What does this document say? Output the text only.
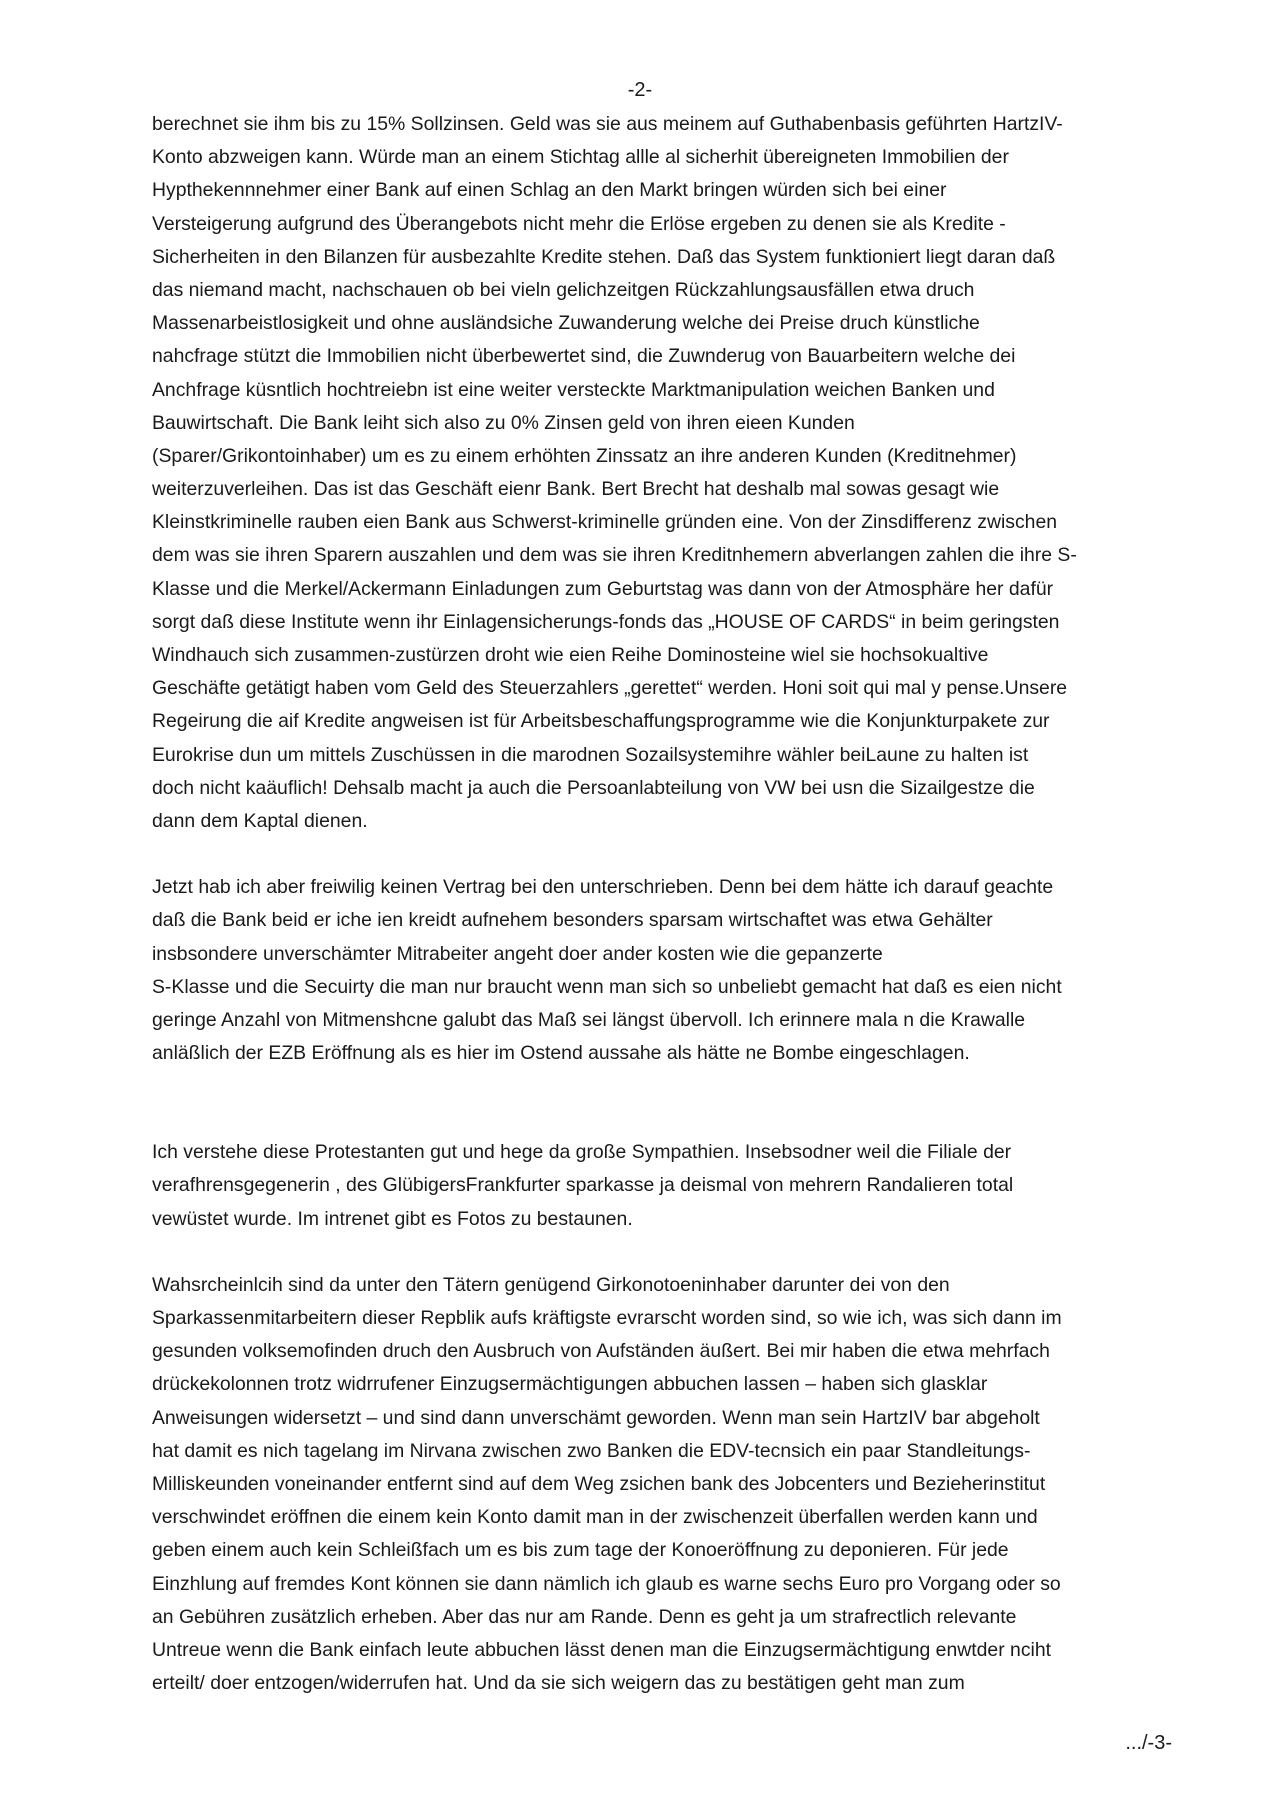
-2-
berechnet sie ihm bis zu 15% Sollzinsen. Geld was sie aus meinem auf Guthabenbasis geführten HartzIV-
Konto abzweigen kann. Würde man an einem Stichtag allle al sicherhit übereigneten Immobilien der
Hypthekennnehmer einer Bank auf einen Schlag an den Markt bringen würden sich bei einer
Versteigerung aufgrund des Überangebots nicht mehr die Erlöse ergeben zu denen sie als Kredite -
Sicherheiten in den Bilanzen für ausbezahlte Kredite stehen. Daß das System funktioniert liegt daran daß
das niemand macht, nachschauen ob bei vieln gelichzeitgen Rückzahlungsausfällen etwa druch
Massenarbeistlosigkeit und ohne ausländsiche Zuwanderung welche dei Preise druch künstliche
nahcfrage stützt die Immobilien nicht überbewertet sind, die Zuwnderug von Bauarbeitern welche dei
Anchfrage küsntlich hochtreiebn ist eine weiter versteckte Marktmanipulation weichen Banken und
Bauwirtschaft. Die Bank leiht sich also zu 0% Zinsen geld von ihren eieen Kunden
(Sparer/Grikontoinhaber) um es zu einem erhöhten Zinssatz an ihre anderen Kunden (Kreditnehmer)
weiterzuverleihen. Das ist das Geschäft eienr Bank. Bert Brecht hat deshalb mal sowas gesagt wie
Kleinstkriminelle rauben eien Bank aus Schwerst-kriminelle gründen eine. Von der Zinsdifferenz zwischen
dem was sie ihren Sparern auszahlen und dem was sie ihren Kreditnhemern abverlangen zahlen die ihre S-
Klasse und die Merkel/Ackermann Einladungen zum Geburtstag was dann von der Atmosphäre her dafür
sorgt daß diese Institute wenn ihr Einlagensicherungs-fonds das „HOUSE OF CARDS“ in beim geringsten
Windhauch sich zusammen-zustürzen droht wie eien Reihe Dominosteine wiel sie hochsokualtive
Geschäfte getätigt haben vom Geld des Steuerzahlers „gerettet“ werden. Honi soit qui mal y pense.Unsere
Regeirung die aif Kredite angweisen ist für Arbeitsbeschaffungsprogramme wie die Konjunkturpakete zur
Eurokrise dun um mittels Zuschüssen in die marodnen Sozailsystemihre wähler beiLaune zu halten ist
doch nicht kaäuflich! Dehsalb macht ja auch die Persoanlabteilung von VW bei usn die Sizailgestze die
dann dem Kaptal dienen.
Jetzt hab ich aber freiwilig keinen Vertrag bei den unterschrieben. Denn bei dem hätte ich darauf geachte
daß die Bank beid er iche ien kreidt aufnehem besonders sparsam wirtschaftet was etwa Gehälter
insbsondere unverschämter Mitrabeiter angeht doer ander kosten wie die gepanzerte
S-Klasse und die Secuirty die man nur braucht wenn man sich so unbeliebt gemacht hat daß es eien nicht
geringe Anzahl von Mitmenshcne galubt das Maß sei längst übervoll. Ich erinnere mala n die Krawalle
anläßlich der EZB Eröffnung als es hier im Ostend aussahe als hätte ne Bombe eingeschlagen.
Ich verstehe diese Protestanten gut und hege da große Sympathien. Insebsodner weil die Filiale der
verafhrensgegenerin , des GlübigersFrankfurter sparkasse ja deismal von mehrern Randalieren total
vewüstet wurde. Im intrenet gibt es Fotos zu bestaunen.
Wahsrcheinlcih sind da unter den Tätern genügend Girkonotoeninhaber darunter dei von den
Sparkassenmitarbeitern dieser Repblik aufs kräftigste evrarscht worden sind, so wie ich, was sich dann im
gesunden volksemofinden druch den Ausbruch von Aufständen äußert. Bei mir haben die etwa mehrfach
drückekolonnen trotz widrrufener Einzugsermächtigungen abbuchen lassen – haben sich glasklar
Anweisungen widersetzt – und sind dann unverschämt geworden. Wenn man sein HartzIV bar abgeholt
hat damit es nich tagelang im Nirvana zwischen zwo Banken die EDV-tecnsich ein paar Standleitungs-
Milliskeunden voneinander entfernt sind auf dem Weg zsichen bank des Jobcenters und Bezieherinstitut
verschwindet eröffnen die einem kein Konto damit man in der zwischenzeit überfallen werden kann und
geben einem auch kein Schleißfach um es bis zum tage der Konoeröffnung zu deponieren. Für jede
Einzhlung auf fremdes Kont können sie dann nämlich ich glaub es warne sechs Euro pro Vorgang oder so
an Gebühren zusätzlich erheben. Aber das nur am Rande. Denn es geht ja um strafrectlich relevante
Untreue wenn die Bank einfach leute abbuchen lässt denen man die Einzugsermächtigung enwtder nciht
erteilt/ doer entzogen/widerrufen hat. Und da sie sich weigern das zu bestätigen geht man zum
.../-3-
